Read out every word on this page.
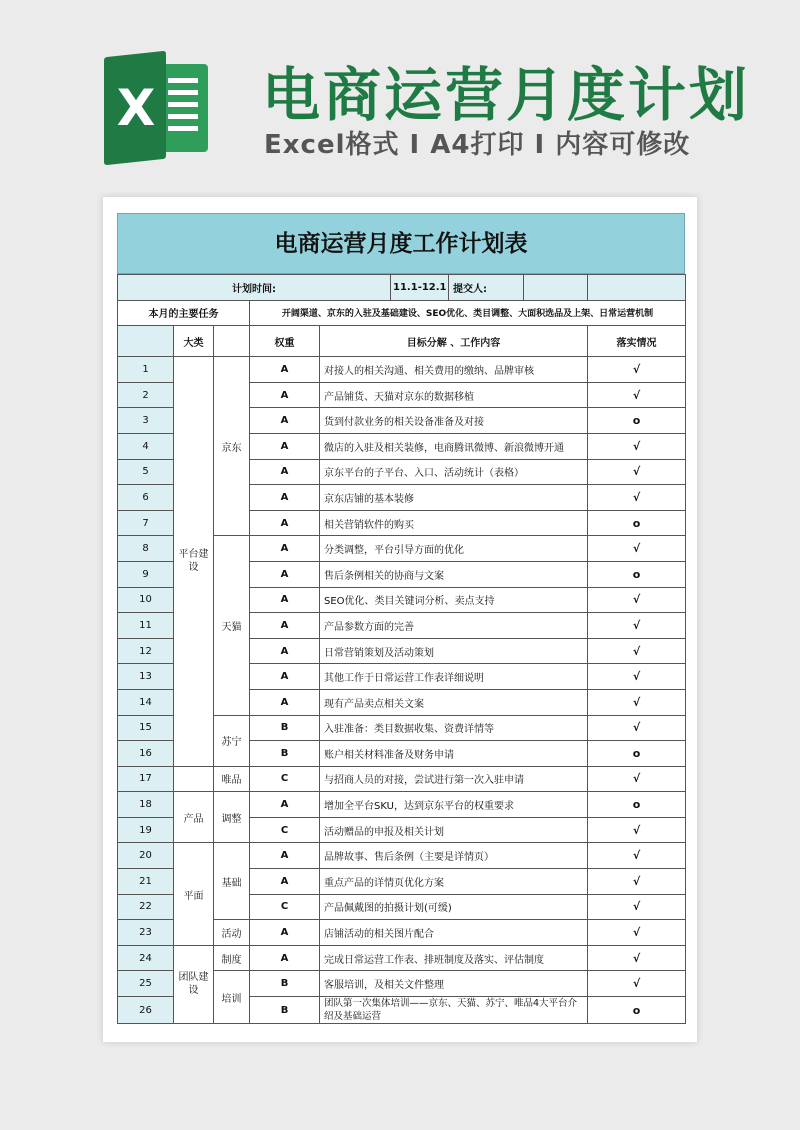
X 电商运营月度计划
Excel格式 I A4打印 I 内容可修改
电商运营月度工作计划表
计划时间:					11.1-12.1	提交人:		
本月的主要任务			开阔渠道、京东的入驻及基础建设、SEO优化、类目调整、大面积选品及上架、日常运营机制					
	大类		权重	目标分解 、工作内容				落实情况
1	平台建设	京东	A	对接人的相关沟通、相关费用的缴纳、品牌审核				√
2			A	产品铺货、天猫对京东的数据移植				√
3			A	货到付款业务的相关设备准备及对接				o
4			A	微店的入驻及相关装修，电商腾讯微博、新浪微博开通				√
5			A	京东平台的子平台、入口、活动统计（表格）				√
6			A	京东店铺的基本装修				√
7			A	相关营销软件的购买				o
8		天猫	A	分类调整，平台引导方面的优化				√
9			A	售后条例相关的协商与文案				o
10			A	SEO优化、类目关键词分析、卖点支持				√
11			A	产品参数方面的完善				√
12			A	日常营销策划及活动策划				√
13			A	其他工作于日常运营工作表详细说明				√
14			A	现有产品卖点相关文案				√
15		苏宁	B	入驻准备：类目数据收集、资费详情等				√
16			B	账户相关材料准备及财务申请				o
17		唯品	C	与招商人员的对接，尝试进行第一次入驻申请				√
18	产品	调整	A	增加全平台SKU，达到京东平台的权重要求				o
19			C	活动赠品的申报及相关计划				√
20	平面	基础	A	品牌故事、售后条例（主要是详情页）				√
21			A	重点产品的详情页优化方案				√
22			C	产品佩戴图的拍摄计划(可缓)				√
23		活动	A	店铺活动的相关图片配合				√
24	团队建设	制度	A	完成日常运营工作表、排班制度及落实、评估制度				√
25		培训	B	客服培训，及相关文件整理				√
26			B	团队第一次集体培训——京东、天猫、苏宁、唯品4大平台介绍及基础运营				o
